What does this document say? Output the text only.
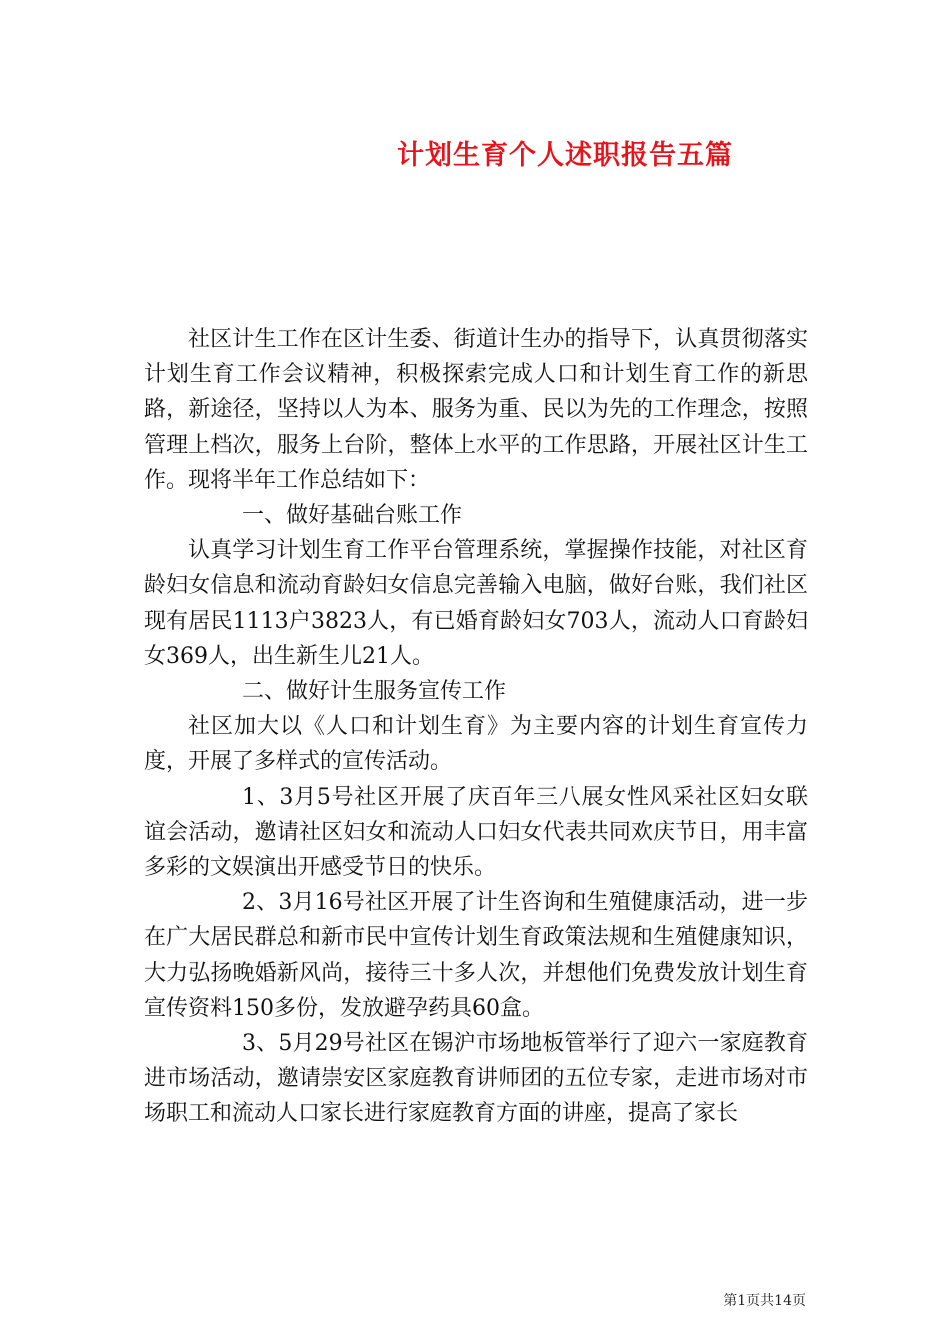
计划生育个人述职报告五篇

社区计生工作在区计生委、街道计生办的指导下，认真贯彻落实计划生育工作会议精神，积极探索完成人口和计划生育工作的新思路，新途径，坚持以人为本、服务为重、民以为先的工作理念，按照管理上档次，服务上台阶，整体上水平的工作思路，开展社区计生工作。现将半年工作总结如下：

一、做好基础台账工作

认真学习计划生育工作平台管理系统，掌握操作技能，对社区育龄妇女信息和流动育龄妇女信息完善输入电脑，做好台账，我们社区现有居民1113户3823人，有已婚育龄妇女703人，流动人口育龄妇女369人，出生新生儿21人。

二、做好计生服务宣传工作

社区加大以《人口和计划生育》为主要内容的计划生育宣传力度，开展了多样式的宣传活动。

1、3月5号社区开展了庆百年三八展女性风采社区妇女联谊会活动，邀请社区妇女和流动人口妇女代表共同欢庆节日，用丰富多彩的文娱演出开感受节日的快乐。

2、3月16号社区开展了计生咨询和生殖健康活动，进一步在广大居民群总和新市民中宣传计划生育政策法规和生殖健康知识，大力弘扬晚婚新风尚，接待三十多人次，并想他们免费发放计划生育宣传资料150多份，发放避孕药具60盒。

3、5月29号社区在锡沪市场地板管举行了迎六一家庭教育进市场活动，邀请崇安区家庭教育讲师团的五位专家，走进市场对市场职工和流动人口家长进行家庭教育方面的讲座，提高了家长

第1页共14页
